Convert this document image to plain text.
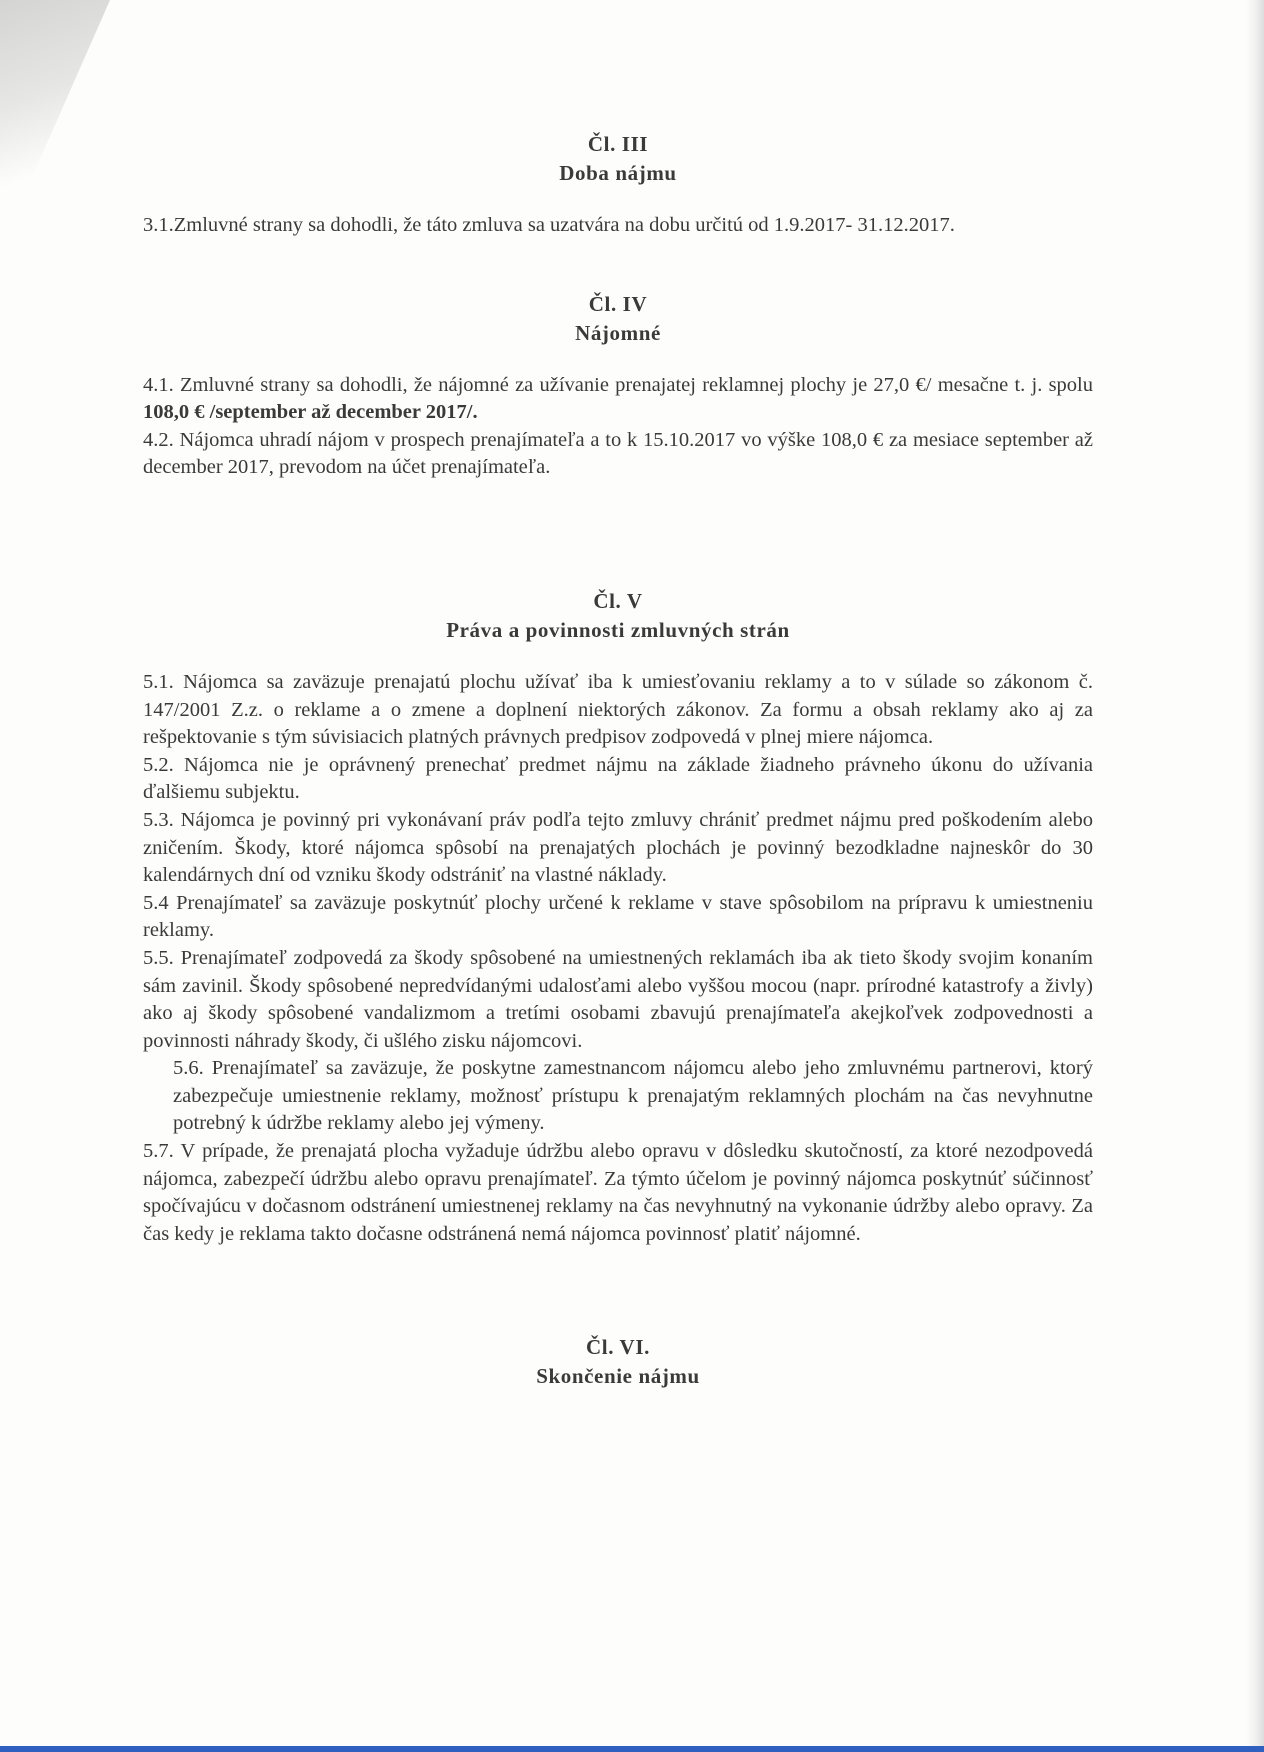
Čl. III
Doba nájmu

3.1.Zmluvné strany sa dohodli, že táto zmluva sa uzatvára na dobu určitú od 1.9.2017- 31.12.2017.

Čl. IV
Nájomné

4.1. Zmluvné strany sa dohodli, že nájomné za užívanie prenajatej reklamnej plochy je 27,0 €/ mesačne t. j. spolu 108,0 € /september až december 2017/.

4.2. Nájomca uhradí nájom v prospech prenajímateľa a to k 15.10.2017 vo výške 108,0 € za mesiace september až december 2017, prevodom na účet prenajímateľa.

Čl. V
Práva a povinnosti zmluvných strán

5.1. Nájomca sa zaväzuje prenajatú plochu užívať iba k umiesťovaniu reklamy a to v súlade so zákonom č. 147/2001 Z.z. o reklame a o zmene a doplnení niektorých zákonov. Za formu a obsah reklamy ako aj za rešpektovanie s tým súvisiacich platných právnych predpisov zodpovedá v plnej miere nájomca.

5.2. Nájomca nie je oprávnený prenechať predmet nájmu na základe žiadneho právneho úkonu do užívania ďalšiemu subjektu.

5.3. Nájomca je povinný pri vykonávaní práv podľa tejto zmluvy chrániť predmet nájmu pred poškodením alebo zničením. Škody, ktoré nájomca spôsobí na prenajatých plochách je povinný bezodkladne najneskôr do 30 kalendárnych dní od vzniku škody odstrániť na vlastné náklady.

5.4 Prenajímateľ sa zaväzuje poskytnúť plochy určené k reklame v stave spôsobilom na prípravu k umiestneniu reklamy.

5.5. Prenajímateľ zodpovedá za škody spôsobené na umiestnených reklamách iba ak tieto škody svojim konaním sám zavinil. Škody spôsobené nepredvídanými udalosťami alebo vyššou mocou (napr. prírodné katastrofy a živly) ako aj škody spôsobené vandalizmom a tretími osobami zbavujú prenajímateľa akejkoľvek zodpovednosti a povinnosti náhrady škody, či ušlého zisku nájomcovi.

5.6. Prenajímateľ sa zaväzuje, že poskytne zamestnancom nájomcu alebo jeho zmluvnému partnerovi, ktorý zabezpečuje umiestnenie reklamy, možnosť prístupu k prenajatým reklamných plochám na čas nevyhnutne potrebný k údržbe reklamy alebo jej výmeny.

5.7. V prípade, že prenajatá plocha vyžaduje údržbu alebo opravu v dôsledku skutočností, za ktoré nezodpovedá nájomca, zabezpečí údržbu alebo opravu prenajímateľ. Za týmto účelom je povinný nájomca poskytnúť súčinnosť spočívajúcu v dočasnom odstránení umiestnenej reklamy na čas nevyhnutný na vykonanie údržby alebo opravy. Za čas kedy je reklama takto dočasne odstránená nemá nájomca povinnosť platiť nájomné.

Čl. VI.
Skončenie nájmu
